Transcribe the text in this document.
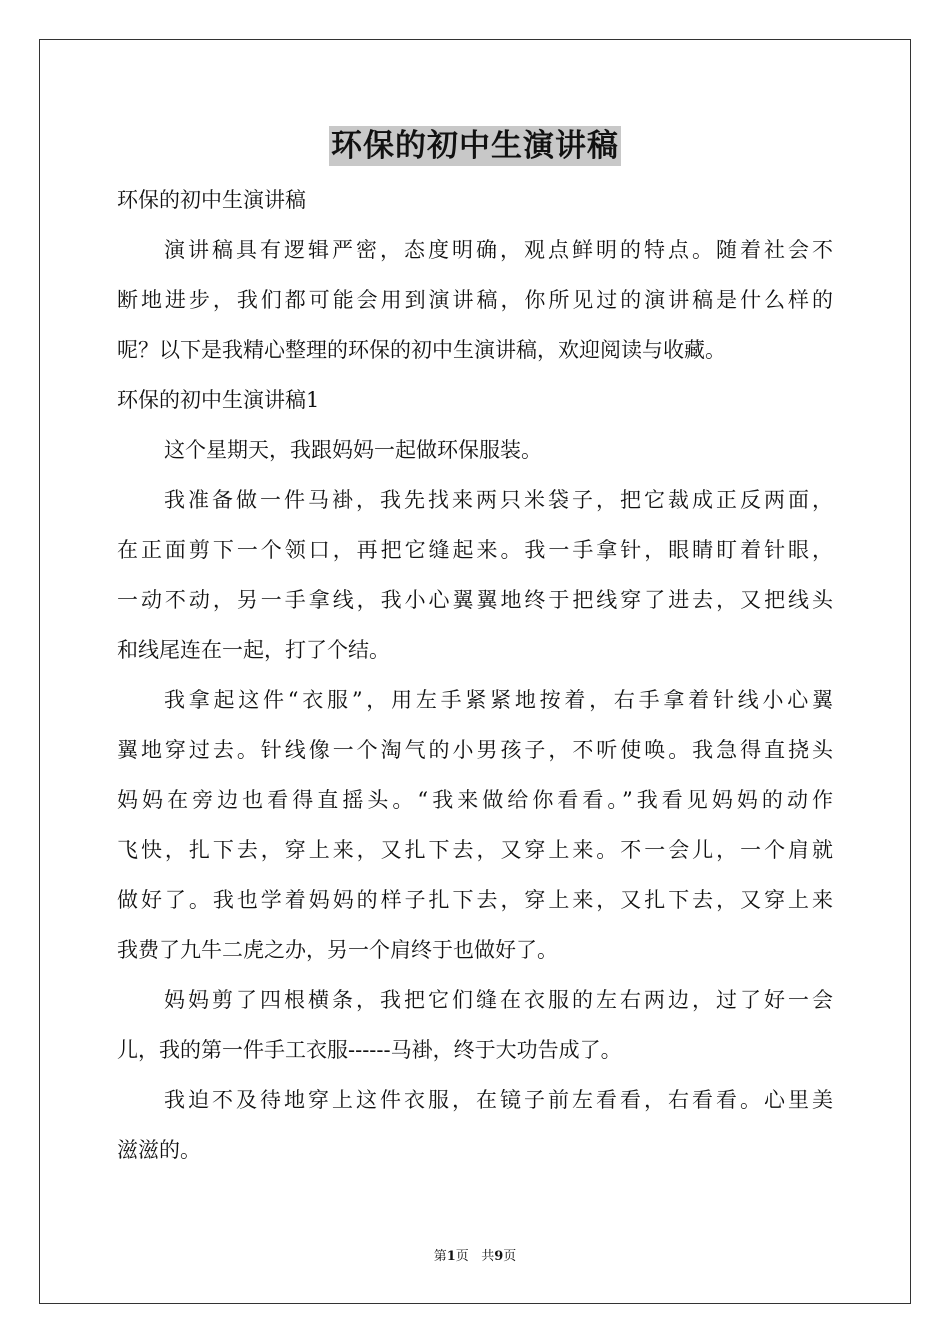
环保的初中生演讲稿
环保的初中生演讲稿
演讲稿具有逻辑严密，态度明确，观点鲜明的特点。随着社会不
断地进步，我们都可能会用到演讲稿，你所见过的演讲稿是什么样的
呢？以下是我精心整理的环保的初中生演讲稿，欢迎阅读与收藏。
环保的初中生演讲稿1
这个星期天，我跟妈妈一起做环保服装。
我准备做一件马褂，我先找来两只米袋子，把它裁成正反两面，
在正面剪下一个领口，再把它缝起来。我一手拿针，眼睛盯着针眼，
一动不动，另一手拿线，我小心翼翼地终于把线穿了进去，又把线头
和线尾连在一起，打了个结。
我拿起这件“衣服”，用左手紧紧地按着，右手拿着针线小心翼
翼地穿过去。针线像一个淘气的小男孩子，不听使唤。我急得直挠头
妈妈在旁边也看得直摇头。“我来做给你看看。”我看见妈妈的动作
飞快，扎下去，穿上来，又扎下去，又穿上来。不一会儿，一个肩就
做好了。我也学着妈妈的样子扎下去，穿上来，又扎下去，又穿上来
我费了九牛二虎之办，另一个肩终于也做好了。
妈妈剪了四根横条，我把它们缝在衣服的左右两边，过了好一会
儿，我的第一件手工衣服------马褂，终于大功告成了。
我迫不及待地穿上这件衣服，在镜子前左看看，右看看。心里美
滋滋的。
第1页 共9页
